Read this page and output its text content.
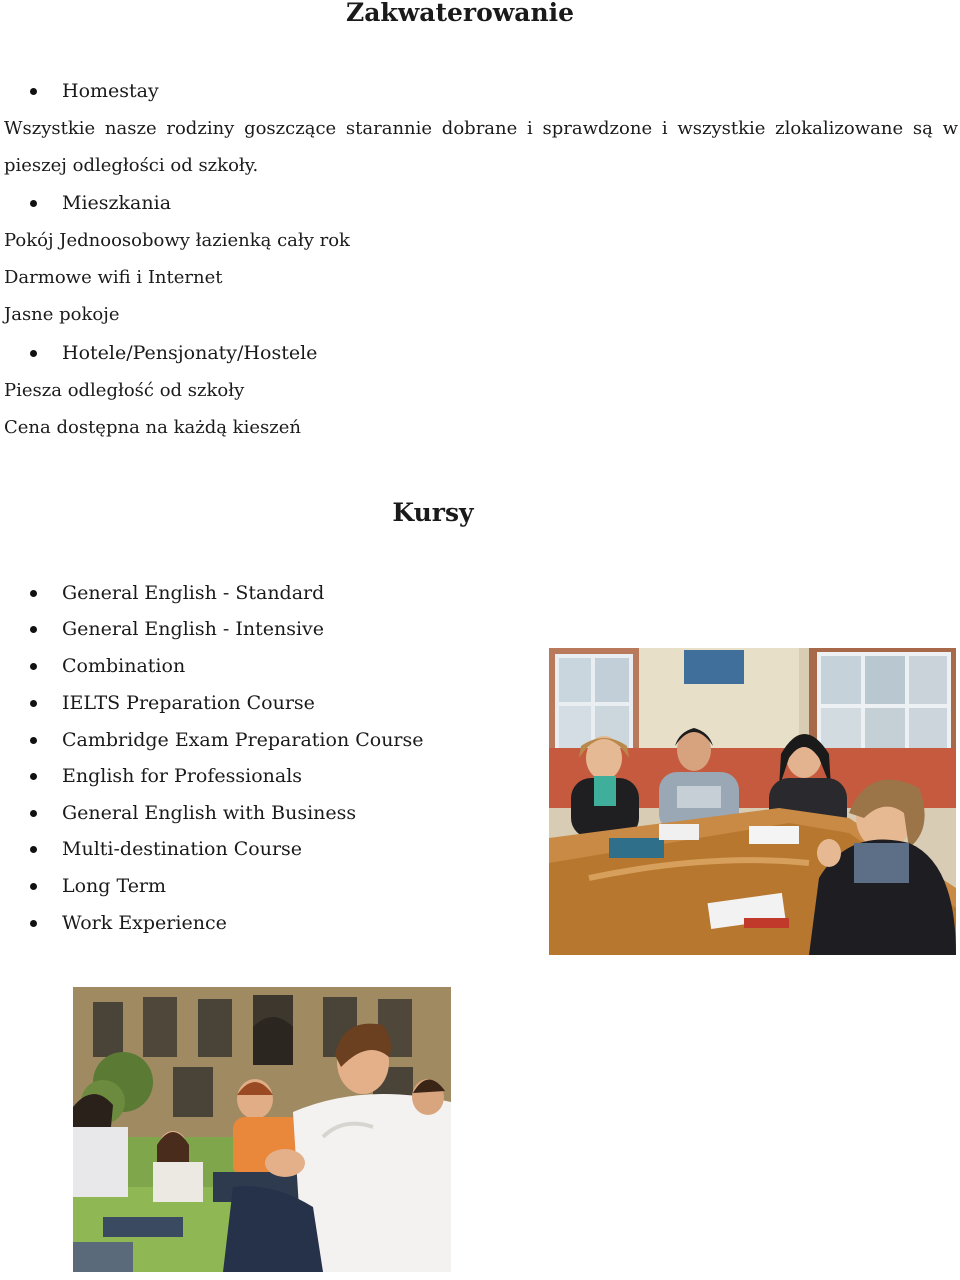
Zakwaterowanie
Homestay
Wszystkie nasze rodziny goszczące starannie dobrane i sprawdzone i wszystkie zlokalizowane są w
pieszej odległości od szkoły.
Mieszkania
Pokój Jednoosobowy łazienką cały rok
Darmowe wifi i Internet
Jasne pokoje
Hotele/Pensjonaty/Hostele
Piesza odległość od szkoły
Cena dostępna na każdą kieszeń
Kursy
General English - Standard
General English - Intensive
Combination
IELTS Preparation Course
Cambridge Exam Preparation Course
English for Professionals
General English with Business
Multi-destination Course
Long Term
Work Experience
